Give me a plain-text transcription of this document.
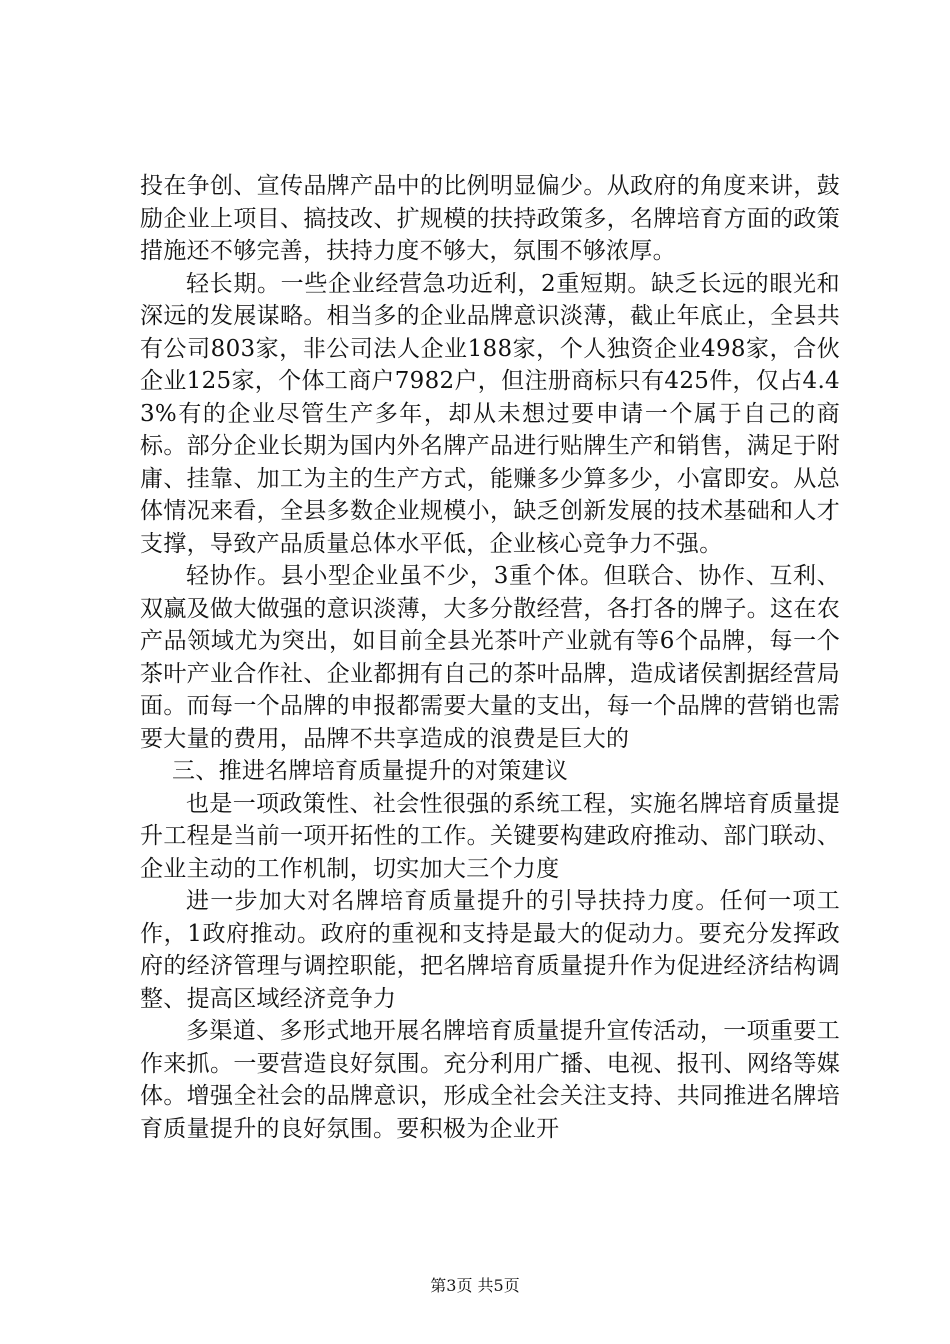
投在争创、宣传品牌产品中的比例明显偏少。从政府的角度来讲，鼓励企业上项目、搞技改、扩规模的扶持政策多，名牌培育方面的政策措施还不够完善，扶持力度不够大，氛围不够浓厚。

轻长期。一些企业经营急功近利，2重短期。缺乏长远的眼光和深远的发展谋略。相当多的企业品牌意识淡薄，截止年底止，全县共有公司803家，非公司法人企业188家，个人独资企业498家，合伙企业125家，个体工商户7982户，但注册商标只有425件，仅占4.43%有的企业尽管生产多年，却从未想过要申请一个属于自己的商标。部分企业长期为国内外名牌产品进行贴牌生产和销售，满足于附庸、挂靠、加工为主的生产方式，能赚多少算多少，小富即安。从总体情况来看，全县多数企业规模小，缺乏创新发展的技术基础和人才支撑，导致产品质量总体水平低，企业核心竞争力不强。

轻协作。县小型企业虽不少，3重个体。但联合、协作、互利、双赢及做大做强的意识淡薄，大多分散经营，各打各的牌子。这在农产品领域尤为突出，如目前全县光茶叶产业就有等6个品牌，每一个茶叶产业合作社、企业都拥有自己的茶叶品牌，造成诸侯割据经营局面。而每一个品牌的申报都需要大量的支出，每一个品牌的营销也需要大量的费用，品牌不共享造成的浪费是巨大的

三、推进名牌培育质量提升的对策建议

也是一项政策性、社会性很强的系统工程，实施名牌培育质量提升工程是当前一项开拓性的工作。关键要构建政府推动、部门联动、企业主动的工作机制，切实加大三个力度

进一步加大对名牌培育质量提升的引导扶持力度。任何一项工作，1政府推动。政府的重视和支持是最大的促动力。要充分发挥政府的经济管理与调控职能，把名牌培育质量提升作为促进经济结构调整、提高区域经济竞争力

多渠道、多形式地开展名牌培育质量提升宣传活动，一项重要工作来抓。一要营造良好氛围。充分利用广播、电视、报刊、网络等媒体。增强全社会的品牌意识，形成全社会关注支持、共同推进名牌培育质量提升的良好氛围。要积极为企业开

第3页 共5页
